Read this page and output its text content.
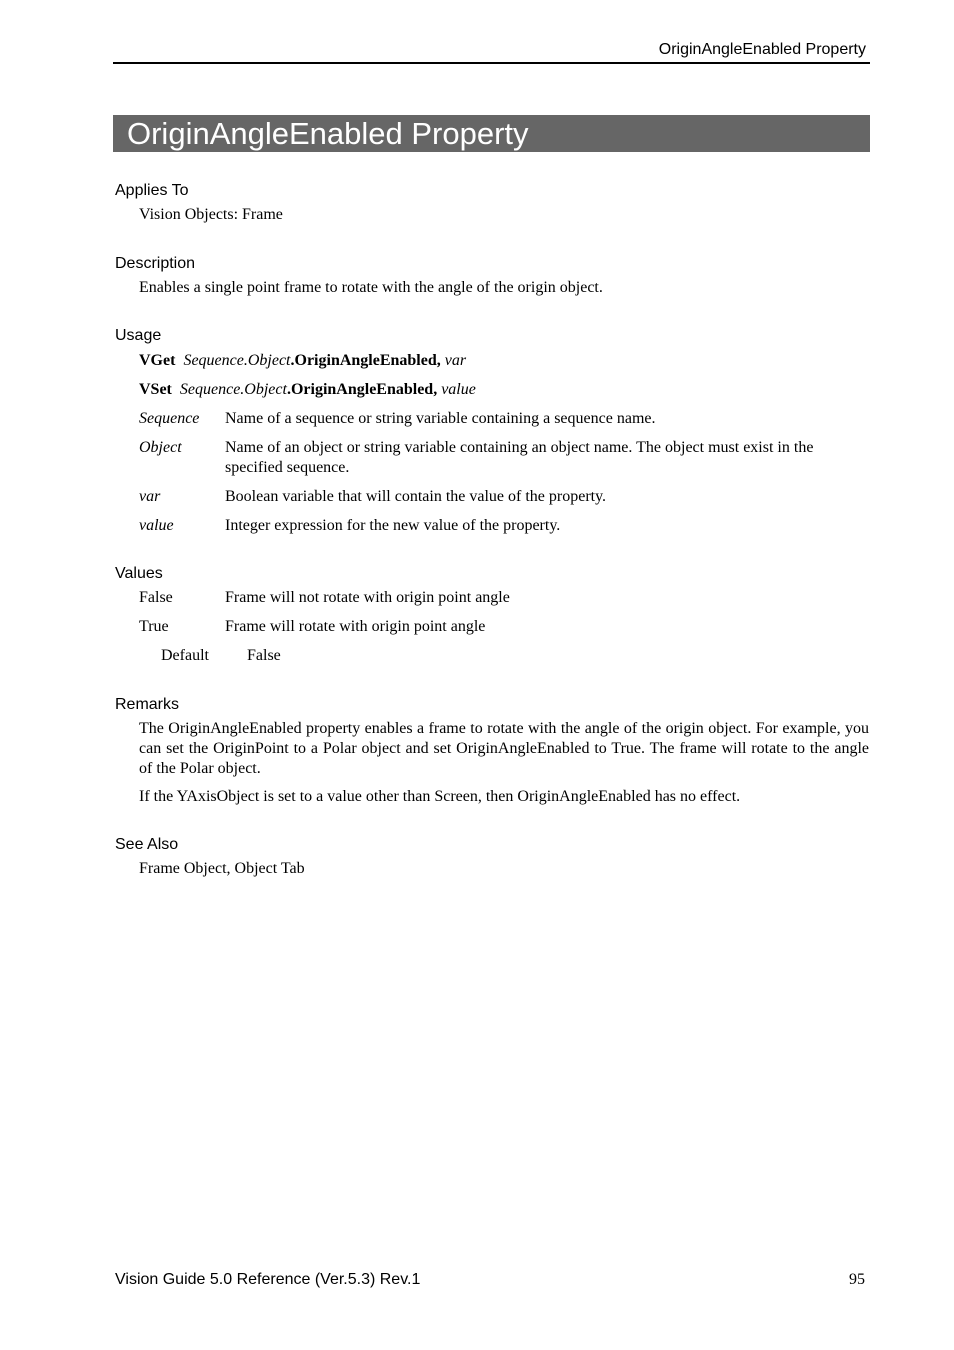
OriginAngleEnabled Property
OriginAngleEnabled Property
Applies To
Vision Objects: Frame
Description
Enables a single point frame to rotate with the angle of the origin object.
Usage
VGet Sequence.Object.OriginAngleEnabled, var
VSet Sequence.Object.OriginAngleEnabled, value
Sequence Name of a sequence or string variable containing a sequence name.
Object	Name of an object or string variable containing an object name. The object must exist in the specified sequence.
var	Boolean variable that will contain the value of the property.
value	Integer expression for the new value of the property.
Values
False	Frame will not rotate with origin point angle
True	Frame will rotate with origin point angle
Default False
Remarks
The OriginAngleEnabled property enables a frame to rotate with the angle of the origin object. For example, you can set the OriginPoint to a Polar object and set OriginAngleEnabled to True. The frame will rotate to the angle of the Polar object.
If the YAxisObject is set to a value other than Screen, then OriginAngleEnabled has no effect.
See Also
Frame Object, Object Tab
Vision Guide 5.0 Reference (Ver.5.3) Rev.1	95
